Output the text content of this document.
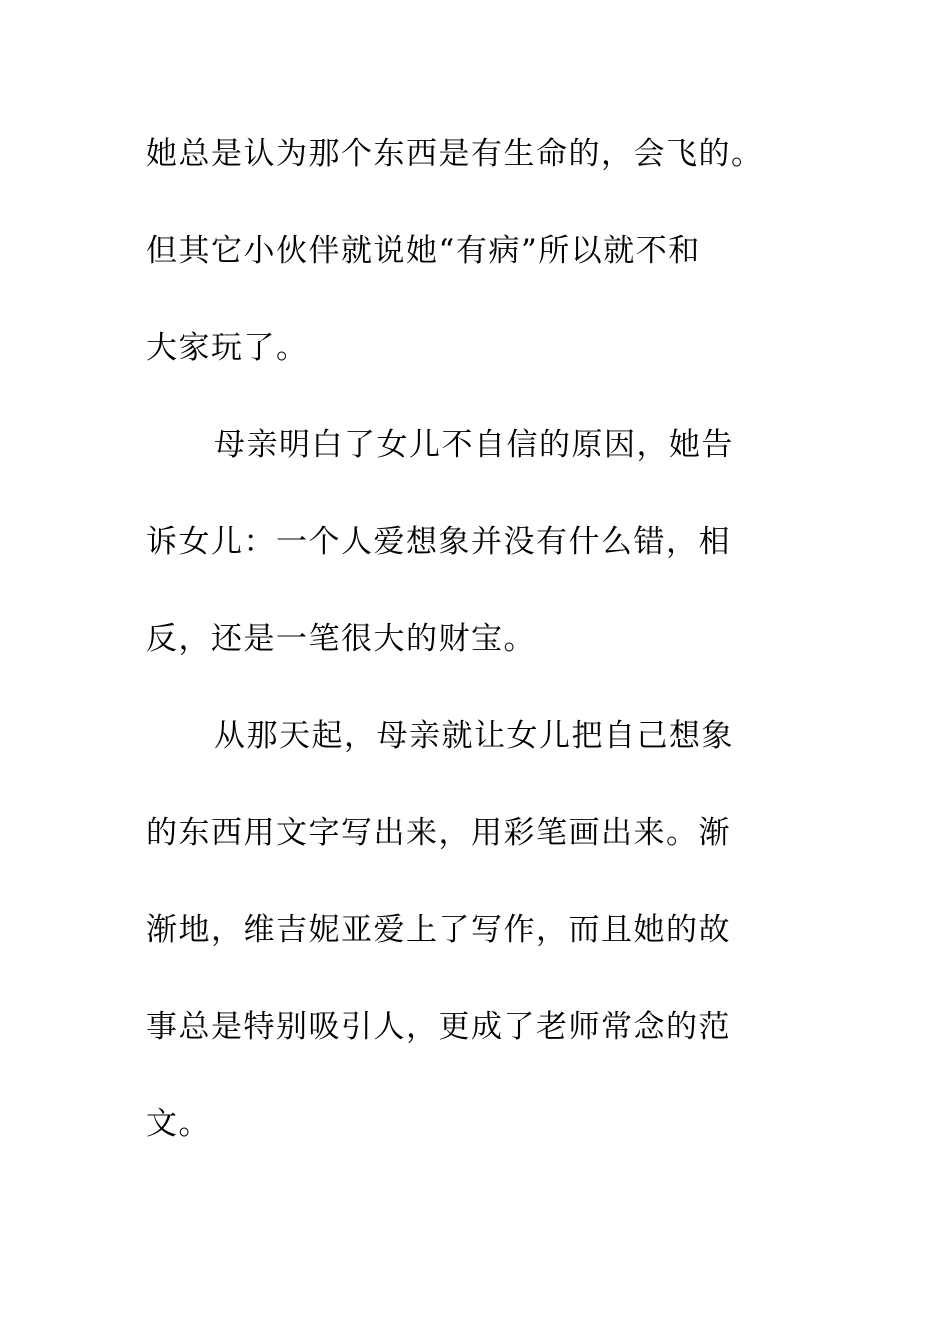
她总是认为那个东西是有生命的，会飞的。
但其它小伙伴就说她“有病”所以就不和
大家玩了。
母亲明白了女儿不自信的原因，她告
诉女儿：一个人爱想象并没有什么错，相
反，还是一笔很大的财宝。
从那天起，母亲就让女儿把自己想象
的东西用文字写出来，用彩笔画出来。渐
渐地，维吉妮亚爱上了写作，而且她的故
事总是特别吸引人，更成了老师常念的范
文。
